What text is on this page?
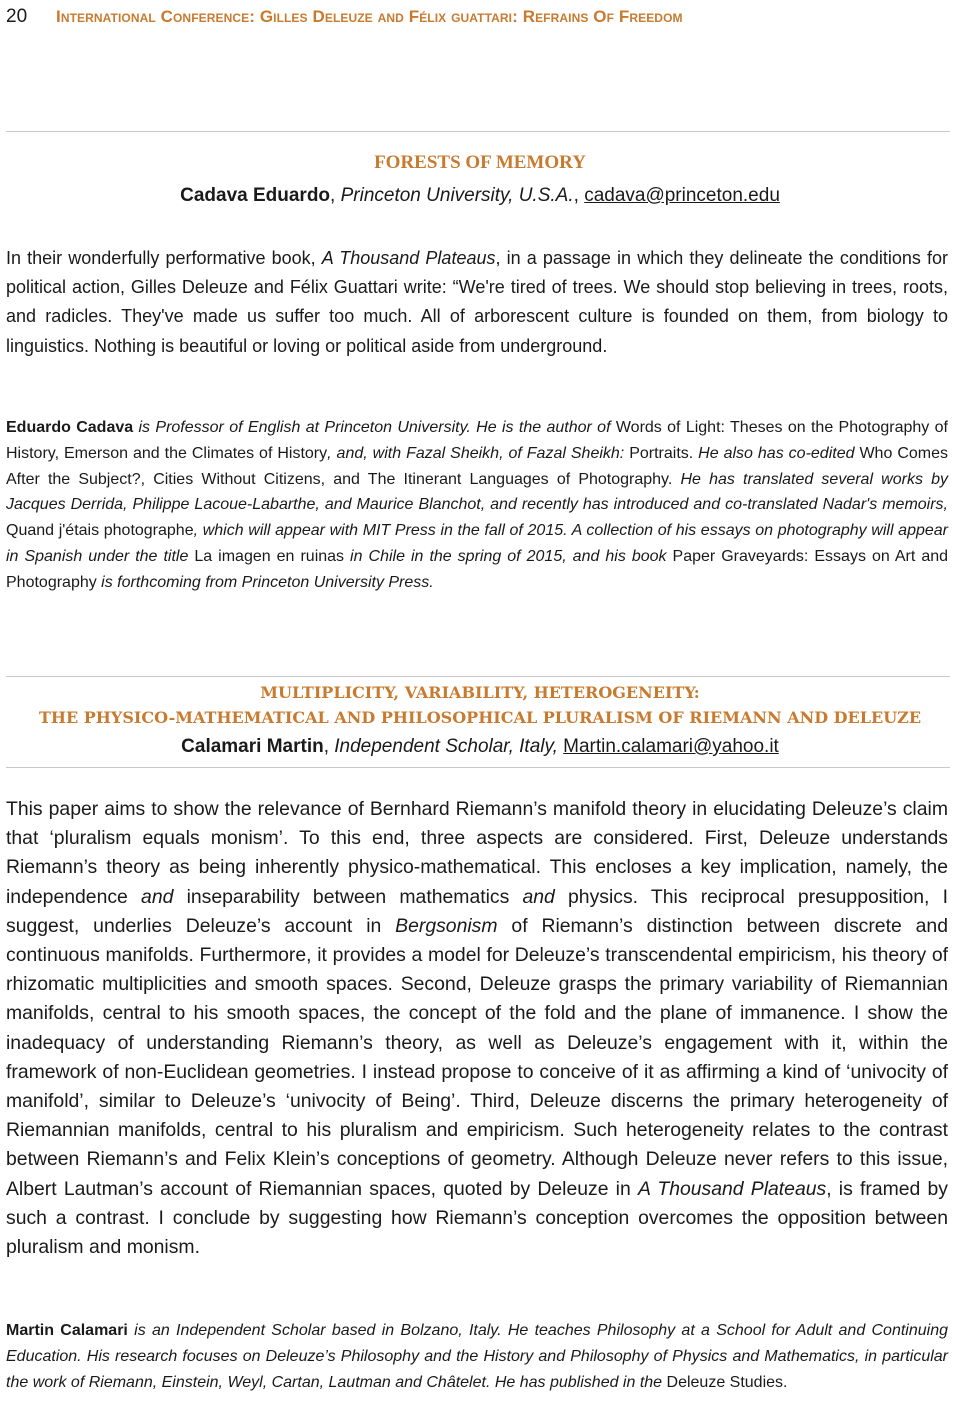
20	International Conference: Gilles Deleuze and Félix guattari: Refrains Of Freedom
FORESTS OF MEMORY
Cadava Eduardo, Princeton University, U.S.A., cadava@princeton.edu
In their wonderfully performative book, A Thousand Plateaus, in a passage in which they delineate the conditions for political action, Gilles Deleuze and Félix Guattari write: “We're tired of trees. We should stop believing in trees, roots, and radicles. They've made us suffer too much. All of arborescent culture is founded on them, from biology to linguistics. Nothing is beautiful or loving or political aside from underground.
Eduardo Cadava is Professor of English at Princeton University. He is the author of Words of Light: Theses on the Photography of History, Emerson and the Climates of History, and, with Fazal Sheikh, of Fazal Sheikh: Portraits. He also has co-edited Who Comes After the Subject?, Cities Without Citizens, and The Itinerant Languages of Photography. He has translated several works by Jacques Derrida, Philippe Lacoue-Labarthe, and Maurice Blanchot, and recently has introduced and co-translated Nadar's memoirs, Quand j'étais photographe, which will appear with MIT Press in the fall of 2015. A collection of his essays on photography will appear in Spanish under the title La imagen en ruinas in Chile in the spring of 2015, and his book Paper Graveyards: Essays on Art and Photography is forthcoming from Princeton University Press.
MULTIPLICITY, VARIABILITY, HETEROGENEITY:
THE PHYSICO-MATHEMATICAL AND PHILOSOPHICAL PLURALISM OF RIEMANN AND DELEUZE
Calamari Martin, Independent Scholar, Italy, Martin.calamari@yahoo.it
This paper aims to show the relevance of Bernhard Riemann’s manifold theory in elucidating Deleuze’s claim that ‘pluralism equals monism’. To this end, three aspects are considered. First, Deleuze understands Riemann’s theory as being inherently physico-mathematical. This encloses a key implication, namely, the independence and inseparability between mathematics and physics. This reciprocal presupposition, I suggest, underlies Deleuze’s account in Bergsonism of Riemann’s distinction between discrete and continuous manifolds. Furthermore, it provides a model for Deleuze’s transcendental empiricism, his theory of rhizomatic multiplicities and smooth spaces. Second, Deleuze grasps the primary variability of Riemannian manifolds, central to his smooth spaces, the concept of the fold and the plane of immanence. I show the inadequacy of understanding Riemann’s theory, as well as Deleuze’s engagement with it, within the framework of non-Euclidean geometries. I instead propose to conceive of it as affirming a kind of ‘univocity of manifold’, similar to Deleuze’s ‘univocity of Being’. Third, Deleuze discerns the primary heterogeneity of Riemannian manifolds, central to his pluralism and empiricism. Such heterogeneity relates to the contrast between Riemann’s and Felix Klein’s conceptions of geometry. Although Deleuze never refers to this issue, Albert Lautman’s account of Riemannian spaces, quoted by Deleuze in A Thousand Plateaus, is framed by such a contrast. I conclude by suggesting how Riemann’s conception overcomes the opposition between pluralism and monism.
Martin Calamari is an Independent Scholar based in Bolzano, Italy. He teaches Philosophy at a School for Adult and Continuing Education. His research focuses on Deleuze’s Philosophy and the History and Philosophy of Physics and Mathematics, in particular the work of Riemann, Einstein, Weyl, Cartan, Lautman and Châtelet. He has published in the Deleuze Studies.
